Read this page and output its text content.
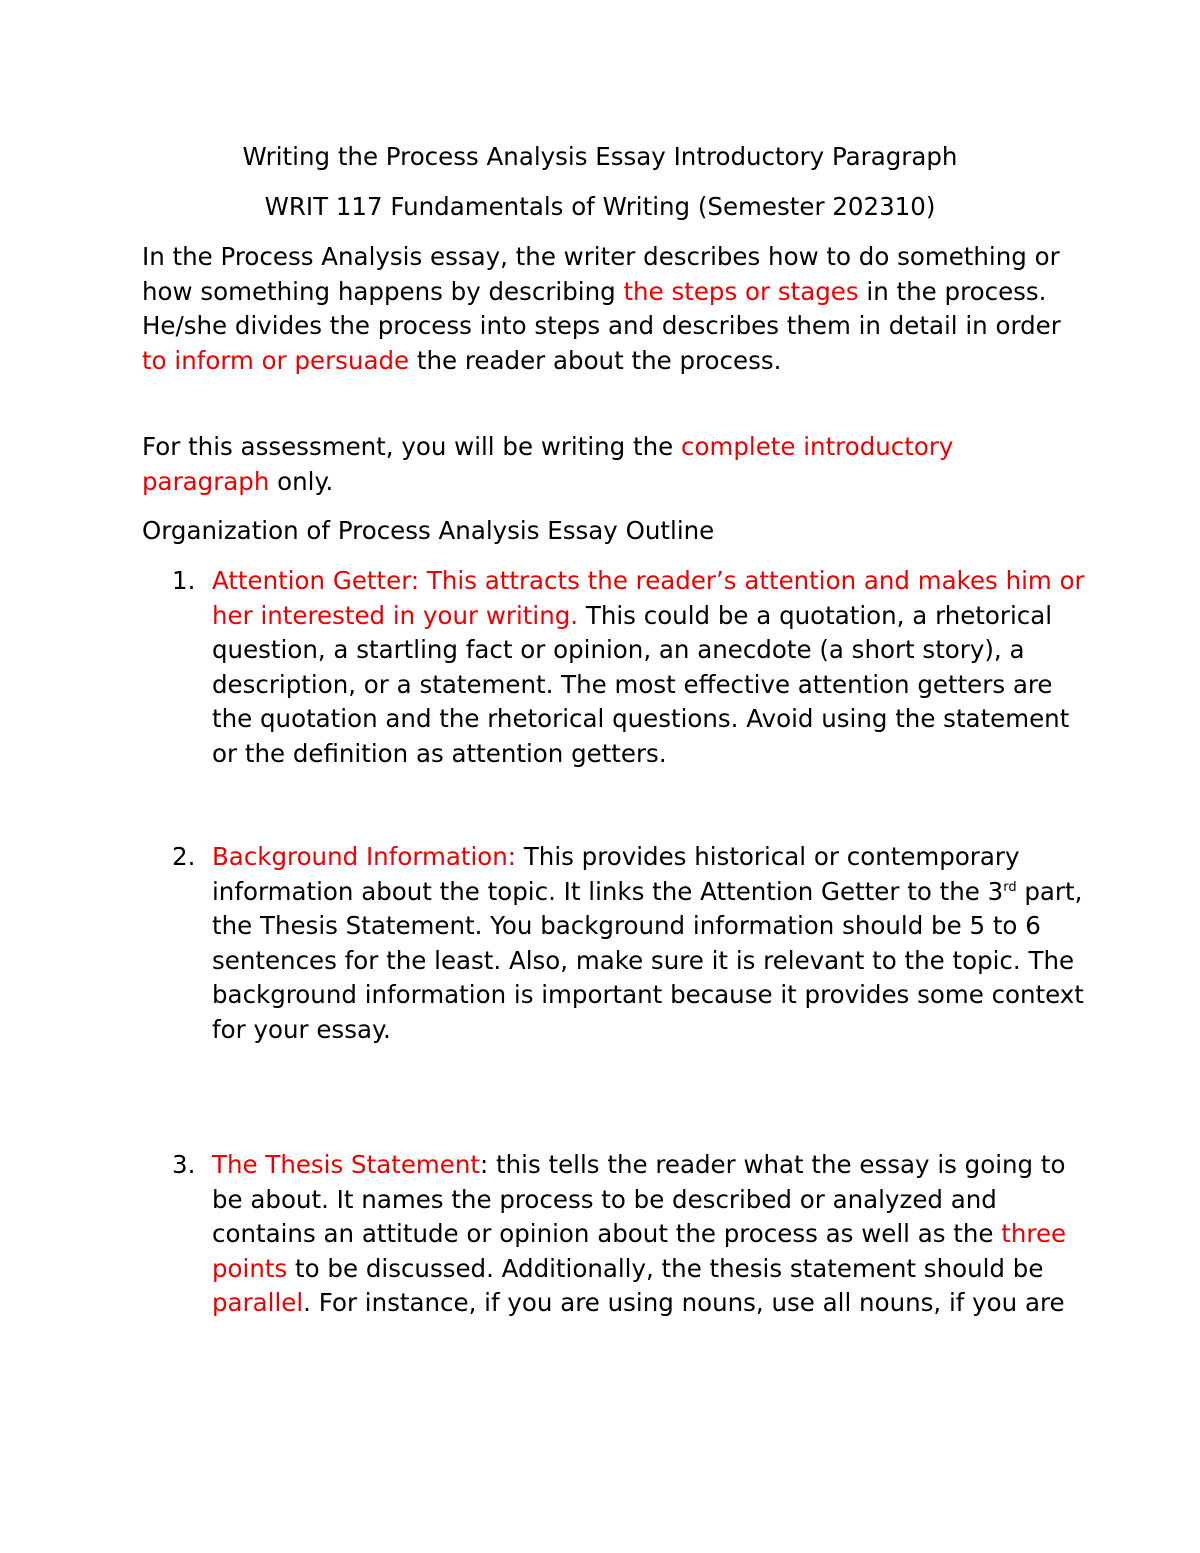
Writing the Process Analysis Essay Introductory Paragraph
WRIT 117 Fundamentals of Writing (Semester 202310)

In the Process Analysis essay, the writer describes how to do something or how something happens by describing the steps or stages in the process. He/she divides the process into steps and describes them in detail in order to inform or persuade the reader about the process.

For this assessment, you will be writing the complete introductory paragraph only.

Organization of Process Analysis Essay Outline

1. Attention Getter: This attracts the reader’s attention and makes him or her interested in your writing. This could be a quotation, a rhetorical question, a startling fact or opinion, an anecdote (a short story), a description, or a statement. The most effective attention getters are the quotation and the rhetorical questions. Avoid using the statement or the definition as attention getters.
2. Background Information: This provides historical or contemporary information about the topic. It links the Attention Getter to the 3rd part, the Thesis Statement. You background information should be 5 to 6 sentences for the least. Also, make sure it is relevant to the topic. The background information is important because it provides some context for your essay.
3. The Thesis Statement: this tells the reader what the essay is going to be about. It names the process to be described or analyzed and contains an attitude or opinion about the process as well as the three points to be discussed. Additionally, the thesis statement should be parallel. For instance, if you are using nouns, use all nouns, if you are
